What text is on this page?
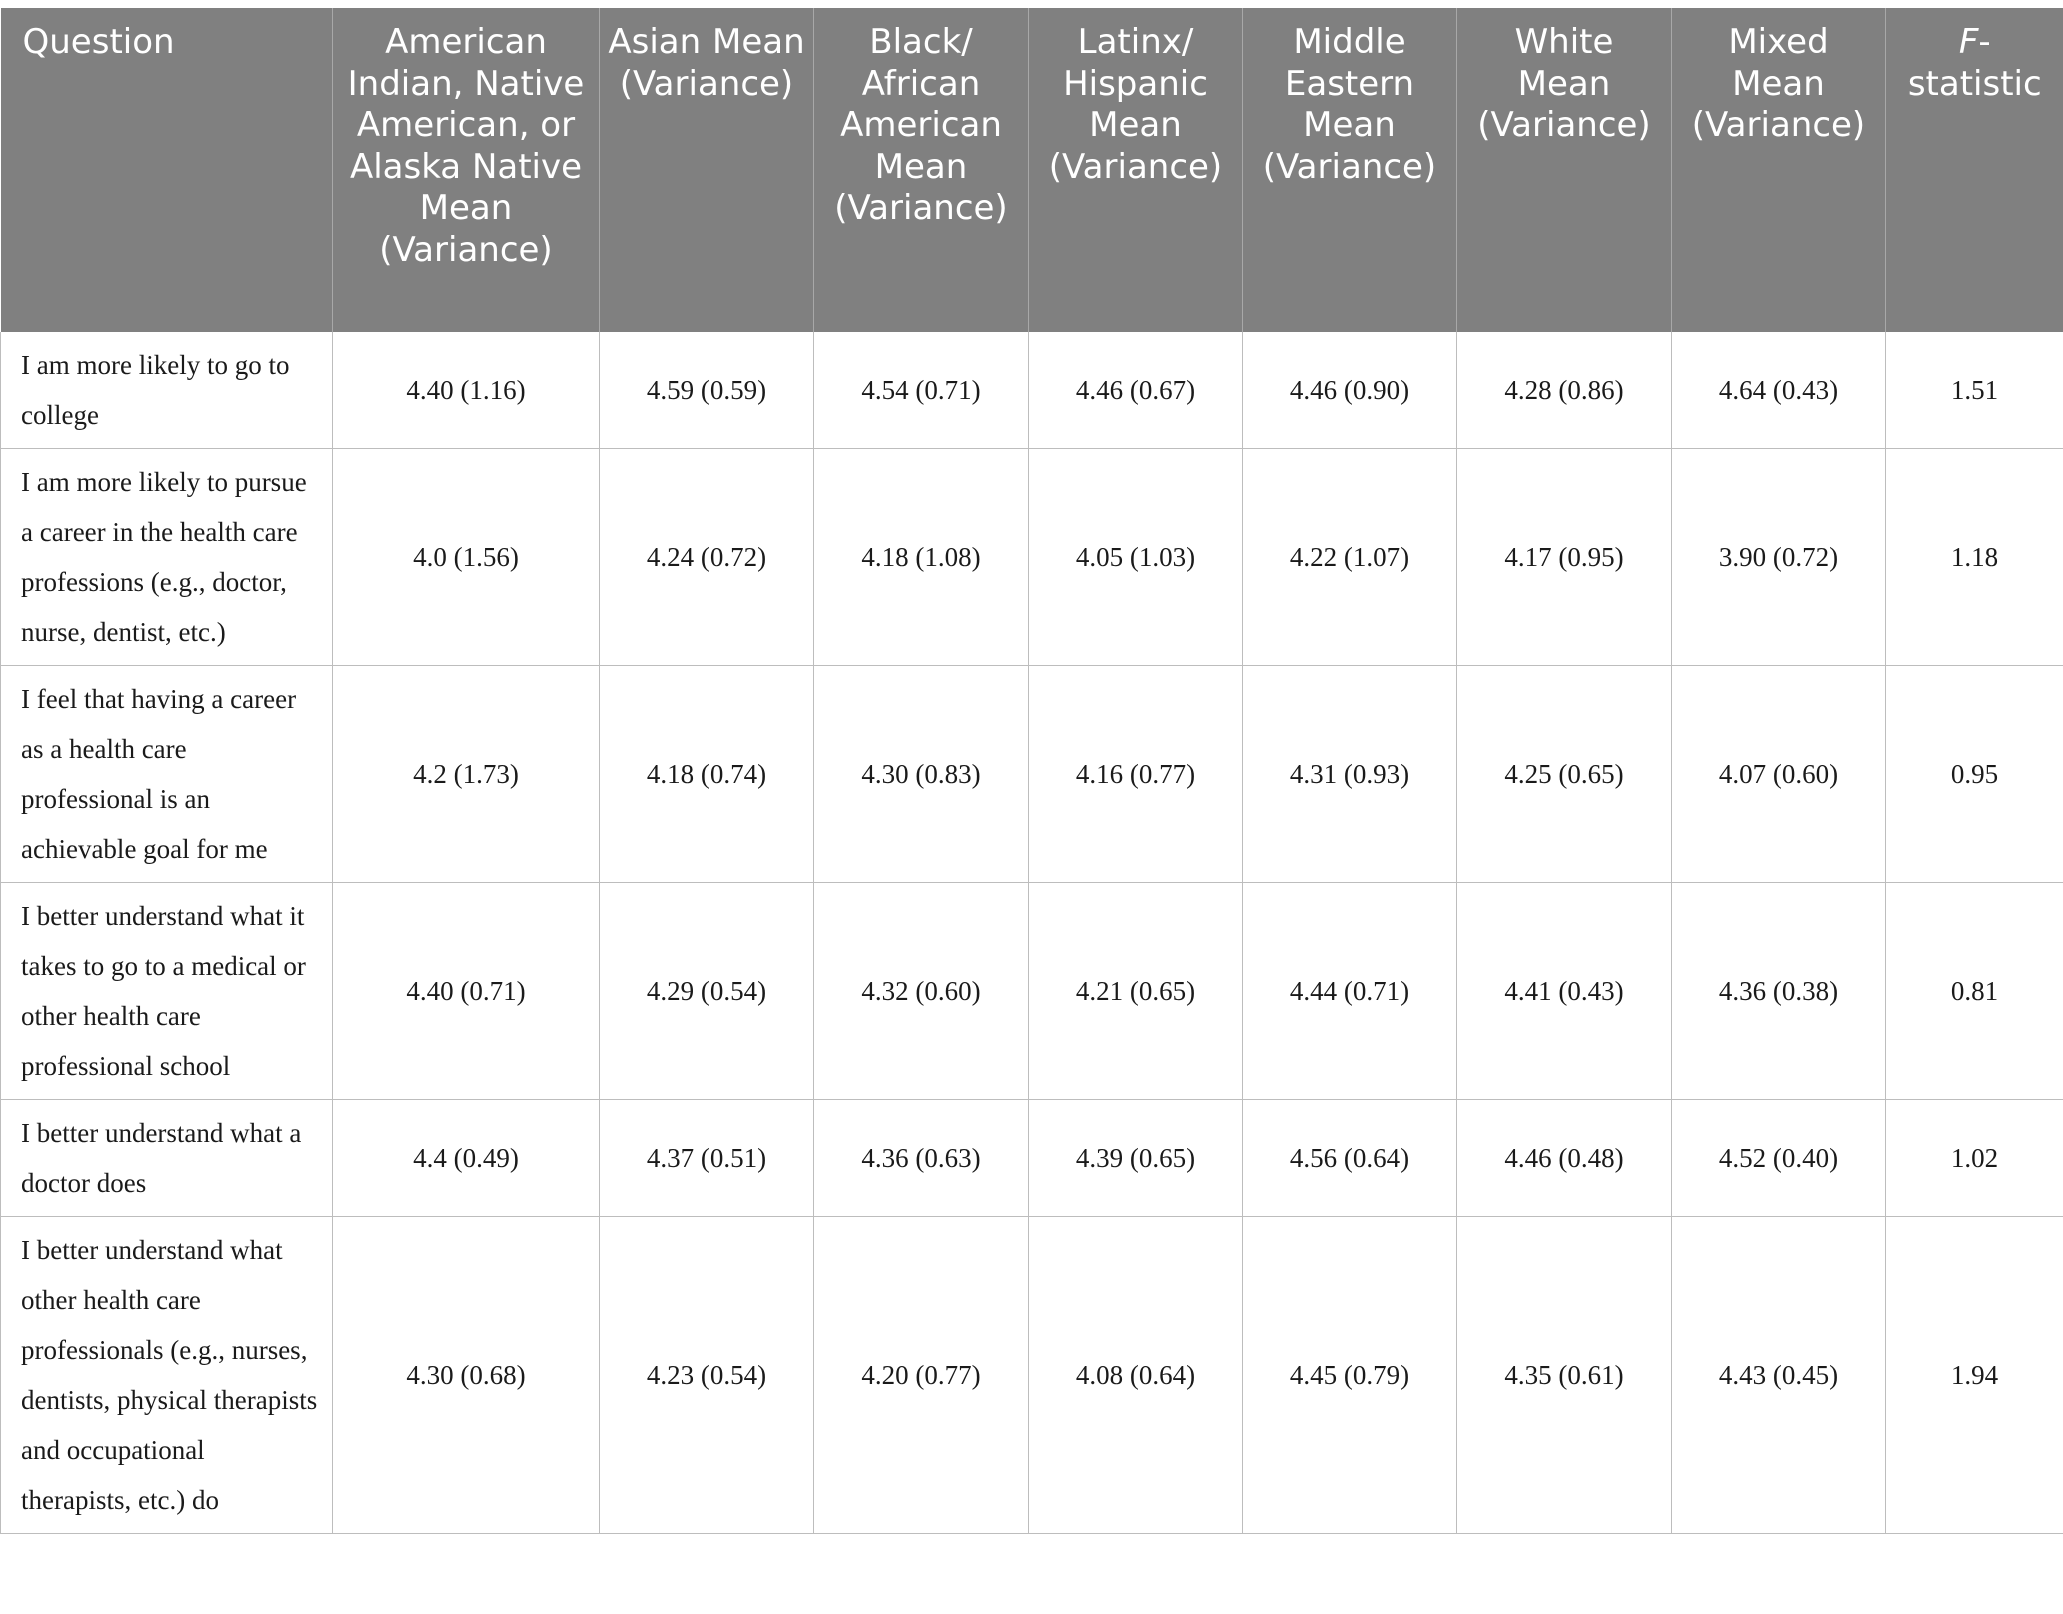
Question	American Indian, Native American, or Alaska Native Mean (Variance)	Asian Mean (Variance)	Black/ African American Mean (Variance)	Latinx/ Hispanic Mean (Variance)	Middle Eastern Mean (Variance)	White Mean (Variance)	Mixed Mean (Variance)	F-statistic
I am more likely to go to college	4.40 (1.16)	4.59 (0.59)	4.54 (0.71)	4.46 (0.67)	4.46 (0.90)	4.28 (0.86)	4.64 (0.43)	1.51
I am more likely to pursue a career in the health care professions (e.g., doctor, nurse, dentist, etc.)	4.0 (1.56)	4.24 (0.72)	4.18 (1.08)	4.05 (1.03)	4.22 (1.07)	4.17 (0.95)	3.90 (0.72)	1.18
I feel that having a career as a health care professional is an achievable goal for me	4.2 (1.73)	4.18 (0.74)	4.30 (0.83)	4.16 (0.77)	4.31 (0.93)	4.25 (0.65)	4.07 (0.60)	0.95
I better understand what it takes to go to a medical or other health care professional school	4.40 (0.71)	4.29 (0.54)	4.32 (0.60)	4.21 (0.65)	4.44 (0.71)	4.41 (0.43)	4.36 (0.38)	0.81
I better understand what a doctor does	4.4 (0.49)	4.37 (0.51)	4.36 (0.63)	4.39 (0.65)	4.56 (0.64)	4.46 (0.48)	4.52 (0.40)	1.02
I better understand what other health care professionals (e.g., nurses, dentists, physical therapists and occupational therapists, etc.) do	4.30 (0.68)	4.23 (0.54)	4.20 (0.77)	4.08 (0.64)	4.45 (0.79)	4.35 (0.61)	4.43 (0.45)	1.94
